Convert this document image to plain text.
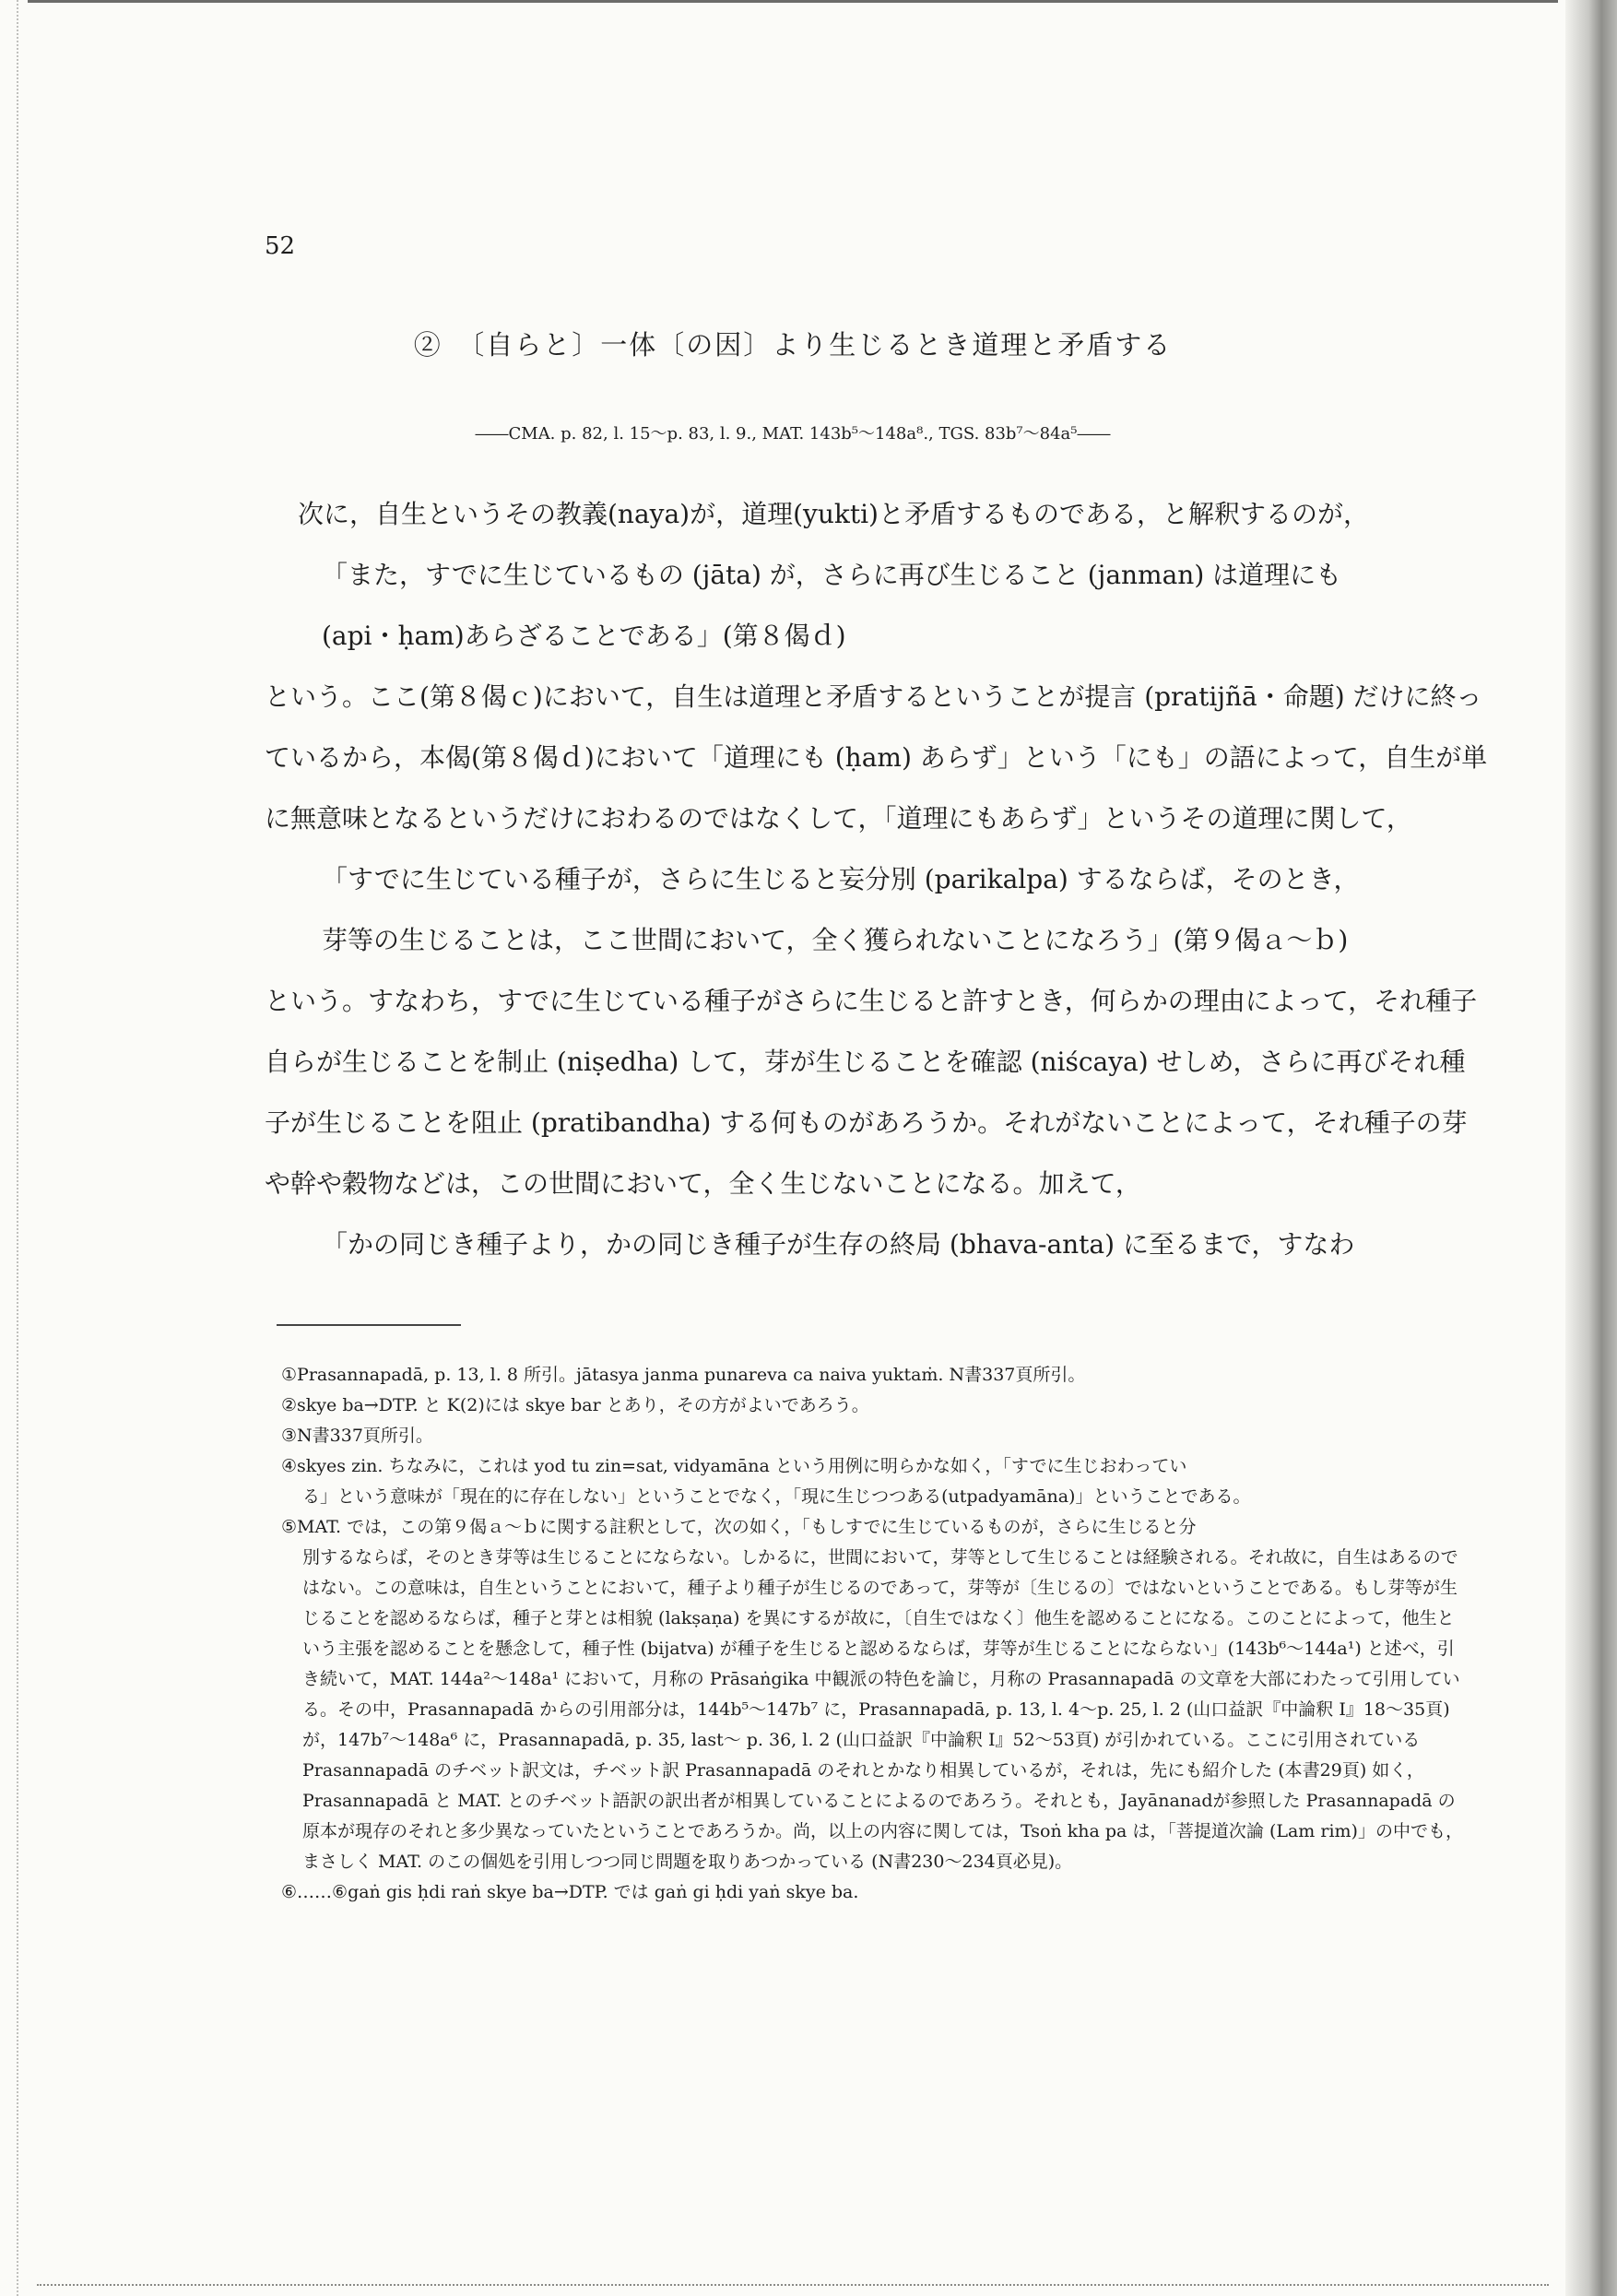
52
②　〔自らと〕一体〔の因〕より生じるとき道理と矛盾する
――CMA. p. 82, l. 15～p. 83, l. 9., MAT. 143b⁵～148a⁸., TGS. 83b⁷～84a⁵――

次に，自生というその教義(naya)が，道理(yukti)と矛盾するものである，と解釈するのが，

「また，すでに生じているもの (jāta) が，さらに再び生じること (janman) は道理にも

(api・ḥam)あらざることである」(第８偈ｄ)

という。ここ(第８偈ｃ)において，自生は道理と矛盾するということが提言 (pratijñā・命題) だけに終っているから，本偈(第８偈ｄ)において「道理にも (ḥam) あらず」という「にも」の語によって，自生が単に無意味となるというだけにおわるのではなくして，「道理にもあらず」というその道理に関して，

「すでに生じている種子が，さらに生じると妄分別 (parikalpa) するならば，そのとき，

芽等の生じることは，ここ世間において，全く獲られないことになろう」(第９偈ａ～ｂ)

という。すなわち，すでに生じている種子がさらに生じると許すとき，何らかの理由によって，それ種子自らが生じることを制止 (niṣedha) して，芽が生じることを確認 (niścaya) せしめ，さらに再びそれ種子が生じることを阻止 (pratibandha) する何ものがあろうか。それがないことによって，それ種子の芽や幹や穀物などは，この世間において，全く生じないことになる。加えて，

「かの同じき種子より，かの同じき種子が生存の終局 (bhava-anta) に至るまで，すなわ

①Prasannapadā, p. 13, l. 8 所引。jātasya janma punareva ca naiva yuktaṁ. N書337頁所引。

②skye ba→DTP. と K(2)には skye bar とあり，その方がよいであろう。

③N書337頁所引。

④skyes zin. ちなみに，これは yod tu zin=sat, vidyamāna という用例に明らかな如く，「すでに生じおわってい

る」という意味が「現在的に存在しない」ということでなく，「現に生じつつある(utpadyamāna)」ということである。

⑤MAT. では，この第９偈ａ～ｂに関する註釈として，次の如く，「もしすでに生じているものが，さらに生じると分

別するならば，そのとき芽等は生じることにならない。しかるに，世間において，芽等として生じることは経験される。それ故に，自生はあるのではない。この意味は，自生ということにおいて，種子より種子が生じるのであって，芽等が〔生じるの〕ではないということである。もし芽等が生じることを認めるならば，種子と芽とは相貌 (lakṣaṇa) を異にするが故に，〔自生ではなく〕他生を認めることになる。このことによって，他生という主張を認めることを懸念して，種子性 (bijatva) が種子を生じると認めるならば，芽等が生じることにならない」(143b⁶～144a¹) と述べ，引き続いて，MAT. 144a²～148a¹ において，月称の Prāsaṅgika 中観派の特色を論じ，月称の Prasannapadā の文章を大部にわたって引用している。その中，Prasannapadā からの引用部分は，144b⁵～147b⁷ に，Prasannapadā, p. 13, l. 4～p. 25, l. 2 (山口益訳『中論釈 I』18～35頁) が，147b⁷～148a⁶ に，Prasannapadā, p. 35, last～ p. 36, l. 2 (山口益訳『中論釈 I』52～53頁) が引かれている。ここに引用されている Prasannapadā のチベット訳文は，チベット訳 Prasannapadā のそれとかなり相異しているが，それは，先にも紹介した (本書29頁) 如く，Prasannapadā と MAT. とのチベット語訳の訳出者が相異していることによるのであろう。それとも，Jayānanadが参照した Prasannapadā の原本が現存のそれと多少異なっていたということであろうか。尚，以上の内容に関しては，Tsoṅ kha pa は，「菩提道次論 (Lam rim)」の中でも，まさしく MAT. のこの個処を引用しつつ同じ問題を取りあつかっている (N書230～234頁必見)。

⑥……⑥gaṅ gis ḥdi raṅ skye ba→DTP. では gaṅ gi ḥdi yaṅ skye ba.
